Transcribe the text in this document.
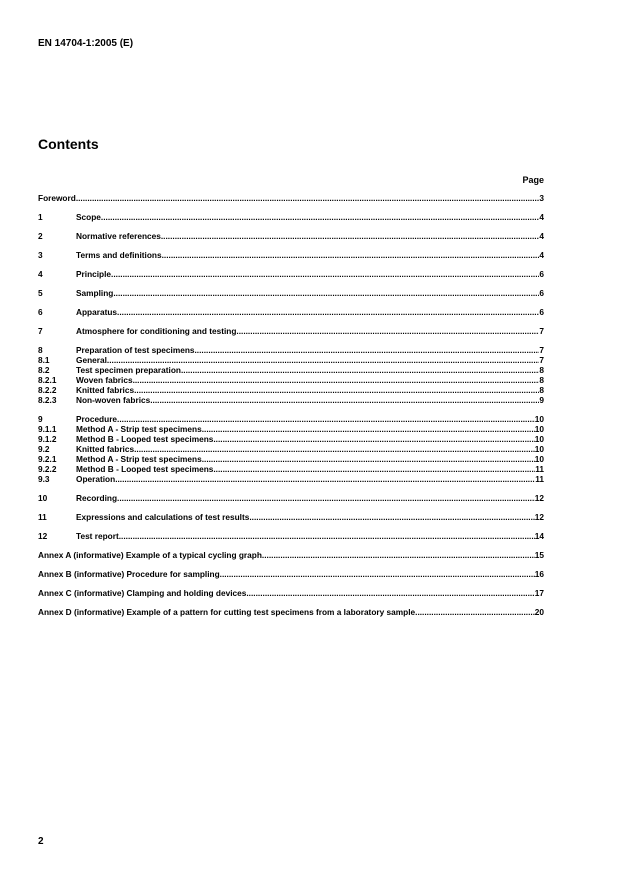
EN 14704-1:2005 (E)
Contents
Page
Foreword .....	3
1	Scope .....	4
2	Normative references .....	4
3	Terms and definitions .....	4
4	Principle .....	6
5	Sampling .....	6
6	Apparatus .....	6
7	Atmosphere for conditioning and testing .....	7
8	Preparation of test specimens .....	7
8.1	General .....	7
8.2	Test specimen preparation .....	8
8.2.1	Woven fabrics .....	8
8.2.2	Knitted fabrics .....	8
8.2.3	Non-woven fabrics .....	9
9	Procedure .....	10
9.1.1	Method A - Strip test specimens .....	10
9.1.2	Method B - Looped test specimens .....	10
9.2	Knitted fabrics .....	10
9.2.1	Method A - Strip test specimens .....	10
9.2.2	Method B - Looped test specimens .....	11
9.3	Operation .....	11
10	Recording .....	12
11	Expressions and calculations of test results .....	12
12	Test report .....	14
Annex A (informative) Example of a typical cycling graph .....	15
Annex B (informative) Procedure for sampling .....	16
Annex C (informative) Clamping and holding devices .....	17
Annex D (informative) Example of a pattern for cutting test specimens from a laboratory sample .....	20
2
